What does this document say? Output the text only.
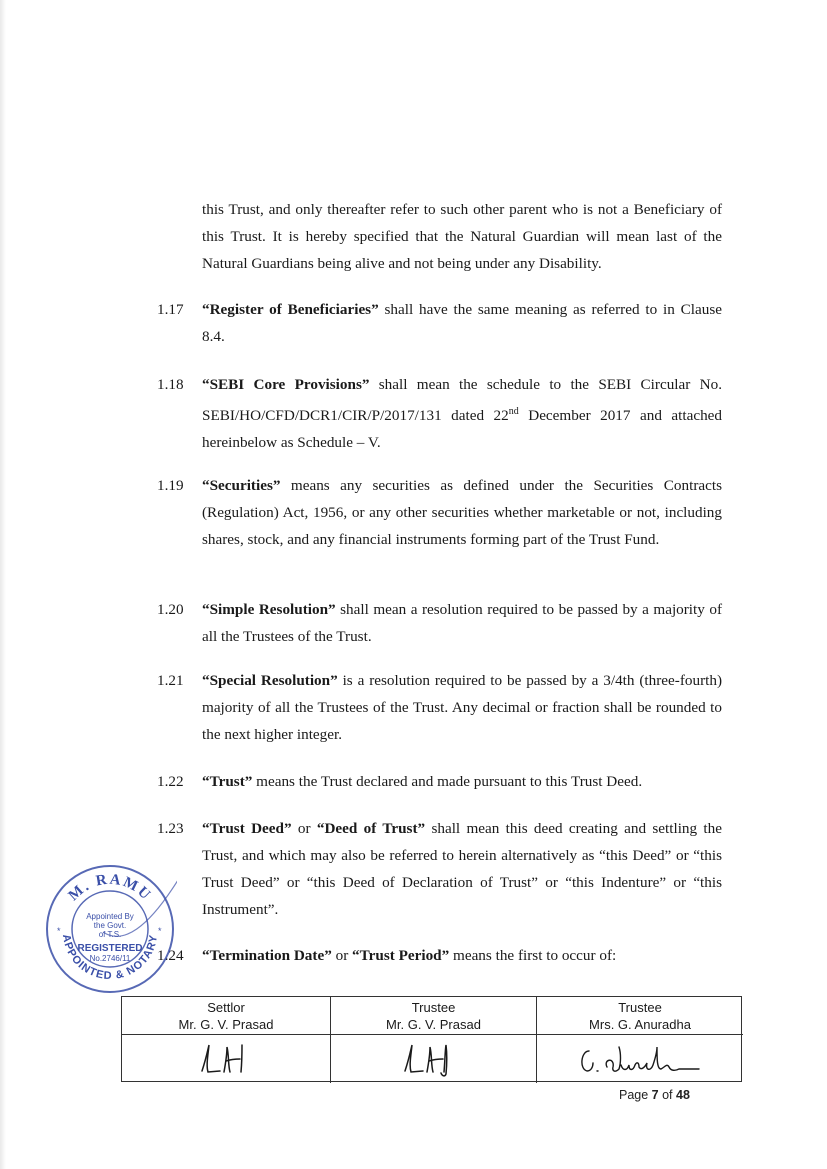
this Trust, and only thereafter refer to such other parent who is not a Beneficiary of this Trust. It is hereby specified that the Natural Guardian will mean last of the Natural Guardians being alive and not being under any Disability.
1.17	“Register of Beneficiaries” shall have the same meaning as referred to in Clause 8.4.
1.18	“SEBI Core Provisions” shall mean the schedule to the SEBI Circular No. SEBI/HO/CFD/DCR1/CIR/P/2017/131 dated 22nd December 2017 and attached hereinbelow as Schedule – V.
1.19	“Securities” means any securities as defined under the Securities Contracts (Regulation) Act, 1956, or any other securities whether marketable or not, including shares, stock, and any financial instruments forming part of the Trust Fund.
1.20	“Simple Resolution” shall mean a resolution required to be passed by a majority of all the Trustees of the Trust.
1.21	“Special Resolution” is a resolution required to be passed by a 3/4th (three-fourth) majority of all the Trustees of the Trust. Any decimal or fraction shall be rounded to the next higher integer.
1.22	“Trust” means the Trust declared and made pursuant to this Trust Deed.
1.23	“Trust Deed” or “Deed of Trust” shall mean this deed creating and settling the Trust, and which may also be referred to herein alternatively as “this Deed” or “this Trust Deed” or “this Deed of Declaration of Trust” or “this Indenture” or “this Instrument”.
1.24	“Termination Date” or “Trust Period” means the first to occur of:
M. RAMU
APPOINTED & NOTARY
Appointed By
the Govt.
of T.S.
REGISTERED
No.2746/11
*	*
Settlor
Mr. G. V. Prasad
Trustee
Mr. G. V. Prasad
Trustee
Mrs. G. Anuradha
Page 7 of 48
